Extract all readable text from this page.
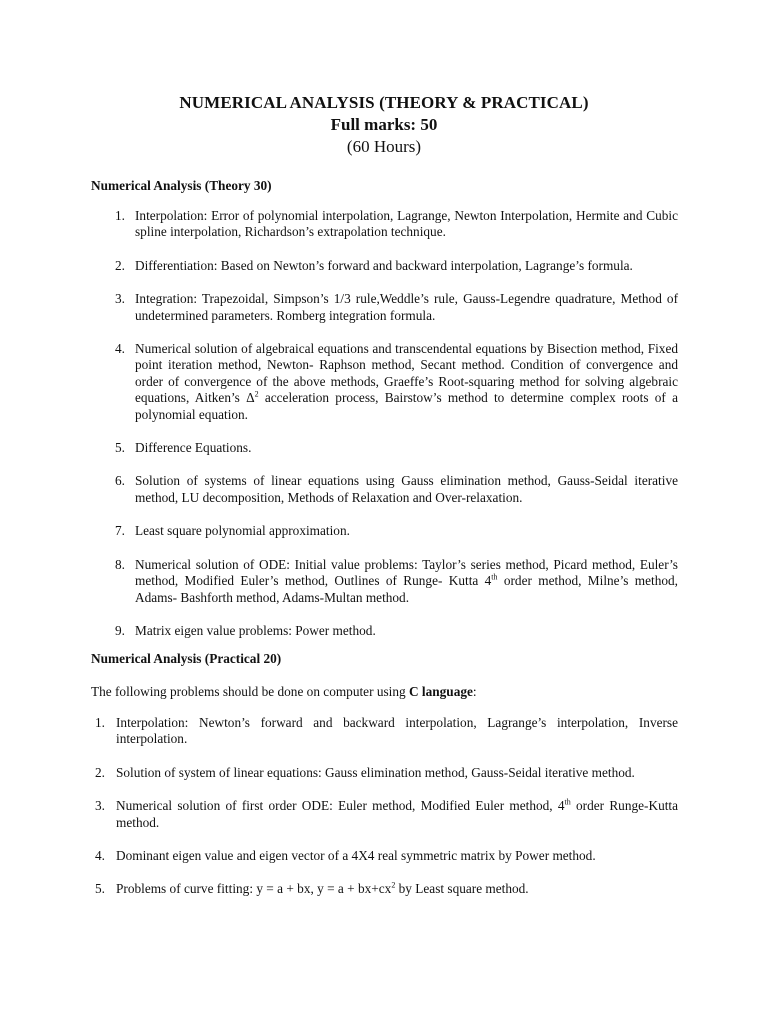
NUMERICAL ANALYSIS (THEORY & PRACTICAL)
Full marks: 50
(60 Hours)
Numerical Analysis (Theory 30)
1. Interpolation: Error of polynomial interpolation, Lagrange, Newton Interpolation, Hermite and Cubic spline interpolation, Richardson’s extrapolation technique.
2. Differentiation: Based on Newton’s forward and backward interpolation, Lagrange’s formula.
3. Integration: Trapezoidal, Simpson’s 1/3 rule,Weddle’s rule, Gauss-Legendre quadrature, Method of undetermined parameters. Romberg integration formula.
4. Numerical solution of algebraical equations and transcendental equations by Bisection method, Fixed point iteration method, Newton- Raphson method, Secant method. Condition of convergence and order of convergence of the above methods, Graeffe’s Root-squaring method for solving algebraic equations, Aitken’s $\Delta^2$ acceleration process, Bairstow’s method to determine complex roots of a polynomial equation.
5. Difference Equations.
6. Solution of systems of linear equations using Gauss elimination method, Gauss-Seidal iterative method, LU decomposition, Methods of Relaxation and Over-relaxation.
7. Least square polynomial approximation.
8. Numerical solution of ODE: Initial value problems: Taylor’s series method, Picard method, Euler’s method, Modified Euler’s method, Outlines of Runge- Kutta 4th order method, Milne’s method, Adams- Bashforth method, Adams-Multan method.
9. Matrix eigen value problems: Power method.
Numerical Analysis (Practical 20)
The following problems should be done on computer using C language:
1. Interpolation: Newton’s forward and backward interpolation, Lagrange’s interpolation, Inverse interpolation.
2. Solution of system of linear equations: Gauss elimination method, Gauss-Seidal iterative method.
3. Numerical solution of first order ODE: Euler method, Modified Euler method, 4th order Runge-Kutta method.
4. Dominant eigen value and eigen vector of a 4X4 real symmetric matrix by Power method.
5. Problems of curve fitting: y = a + bx, $y = a + bx+cx^2$ by Least square method.
